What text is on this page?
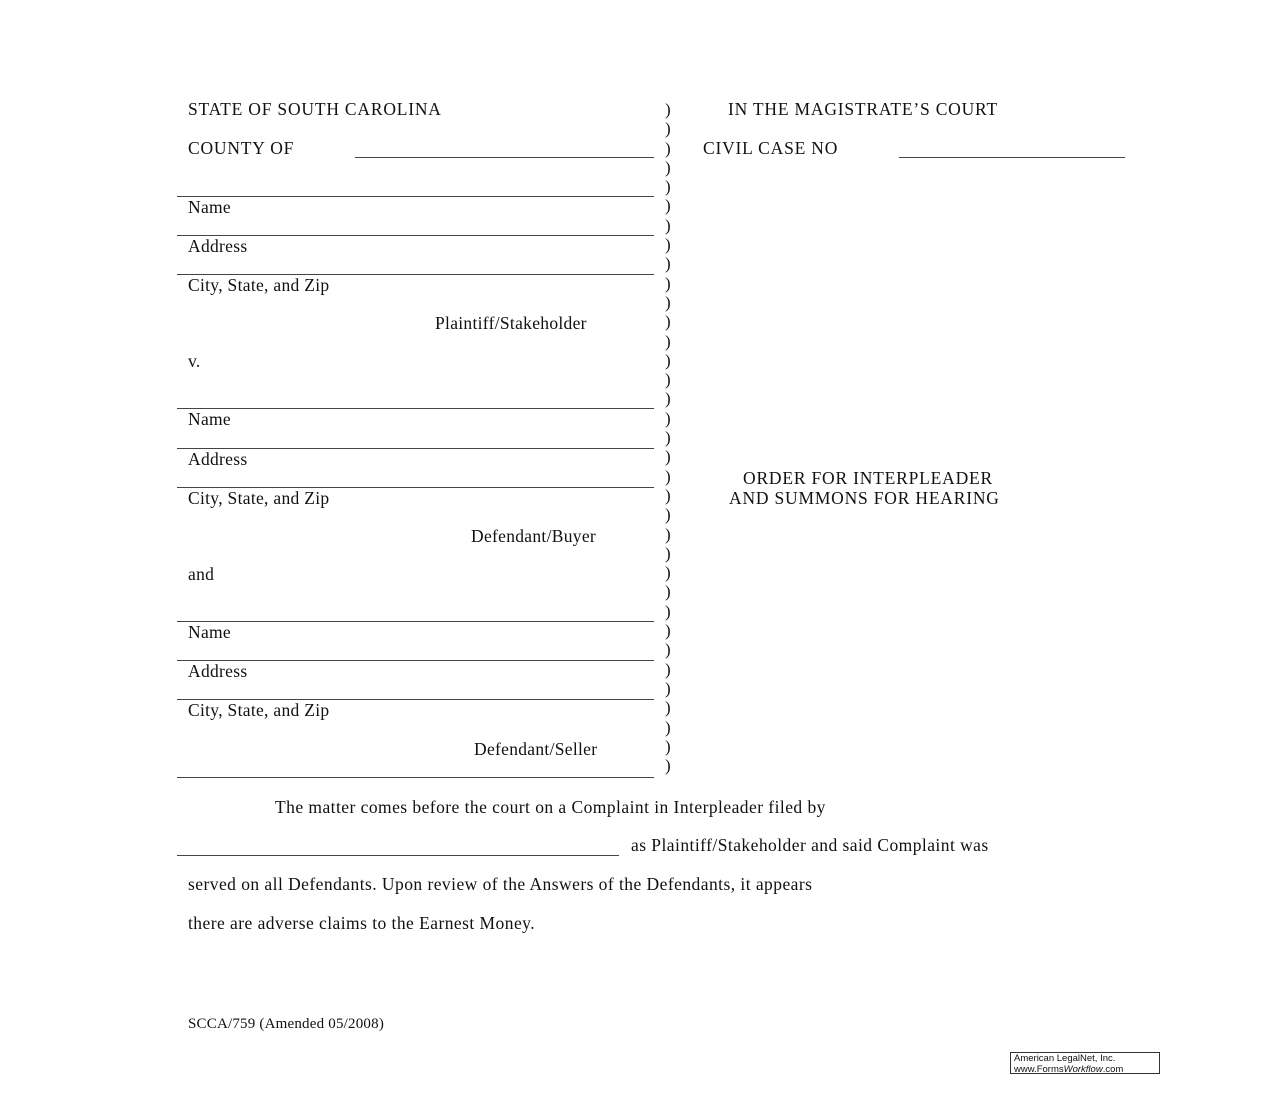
STATE OF SOUTH CAROLINA
COUNTY OF
IN THE MAGISTRATE’S COURT
CIVIL CASE NO
Name
Address
City, State, and Zip
Plaintiff/Stakeholder
v.
Name
Address
City, State, and Zip
Defendant/Buyer
and
Name
Address
City, State, and Zip
Defendant/Seller
)
)
)
)
)
)
)
)
)
)
)
)
)
)
)
)
)
)
)
)
)
)
)
)
)
)
)
)
)
)
)
)
)
)
)
ORDER FOR INTERPLEADER
AND SUMMONS FOR HEARING
The matter comes before the court on a Complaint in Interpleader filed by
as Plaintiff/Stakeholder and said Complaint was
served on all Defendants. Upon review of the Answers of the Defendants, it appears
there are adverse claims to the Earnest Money.
SCCA/759 (Amended 05/2008)
American LegalNet, Inc.
www.FormsWorkflow.com
